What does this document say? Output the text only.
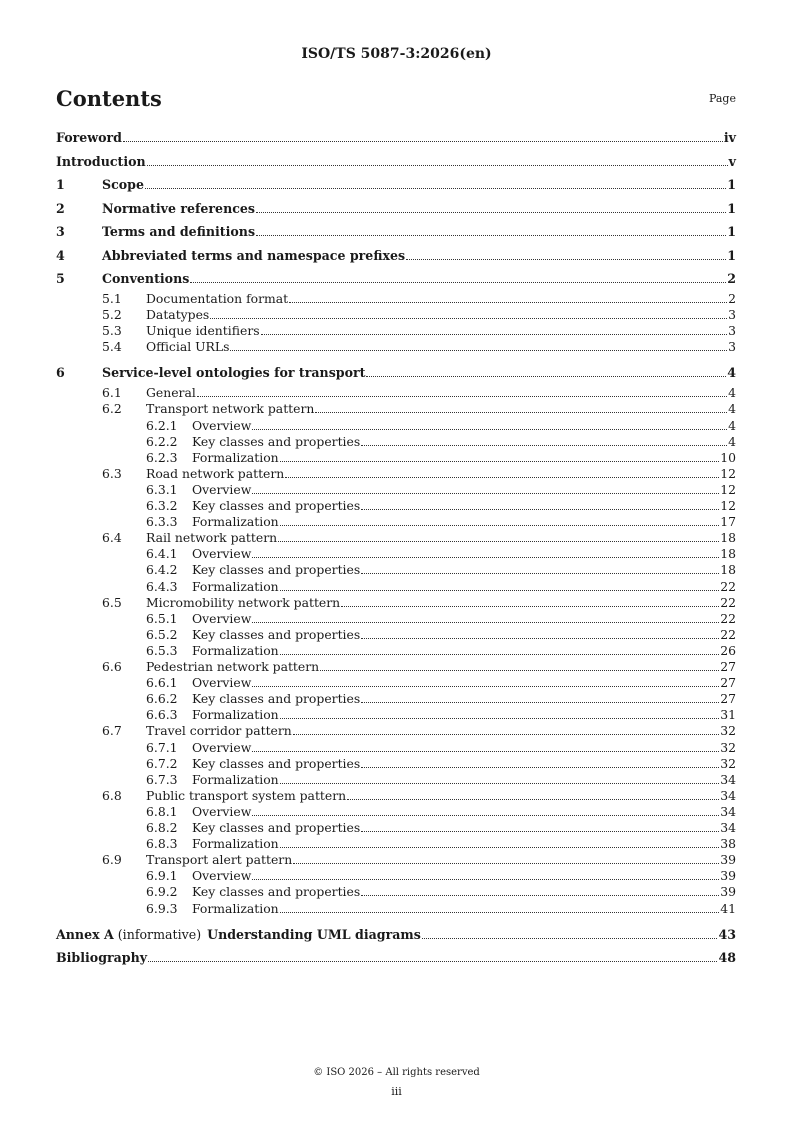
ISO/TS 5087-3:2026(en)
Contents	Page
Foreword	iv
Introduction	v
1	Scope	1
2	Normative references	1
3	Terms and definitions	1
4	Abbreviated terms and namespace prefixes	1
5	Conventions	2
5.1	Documentation format	2
5.2	Datatypes	3
5.3	Unique identifiers	3
5.4	Official URLs	3
6	Service-level ontologies for transport	4
6.1	General	4
6.2	Transport network pattern	4
6.2.1	Overview	4
6.2.2	Key classes and properties	4
6.2.3	Formalization	10
6.3	Road network pattern	12
6.3.1	Overview	12
6.3.2	Key classes and properties	12
6.3.3	Formalization	17
6.4	Rail network pattern	18
6.4.1	Overview	18
6.4.2	Key classes and properties	18
6.4.3	Formalization	22
6.5	Micromobility network pattern	22
6.5.1	Overview	22
6.5.2	Key classes and properties	22
6.5.3	Formalization	26
6.6	Pedestrian network pattern	27
6.6.1	Overview	27
6.6.2	Key classes and properties	27
6.6.3	Formalization	31
6.7	Travel corridor pattern	32
6.7.1	Overview	32
6.7.2	Key classes and properties	32
6.7.3	Formalization	34
6.8	Public transport system pattern	34
6.8.1	Overview	34
6.8.2	Key classes and properties	34
6.8.3	Formalization	38
6.9	Transport alert pattern	39
6.9.1	Overview	39
6.9.2	Key classes and properties	39
6.9.3	Formalization	41
Annex A (informative) Understanding UML diagrams	43
Bibliography	48
© ISO 2026 – All rights reserved
iii
